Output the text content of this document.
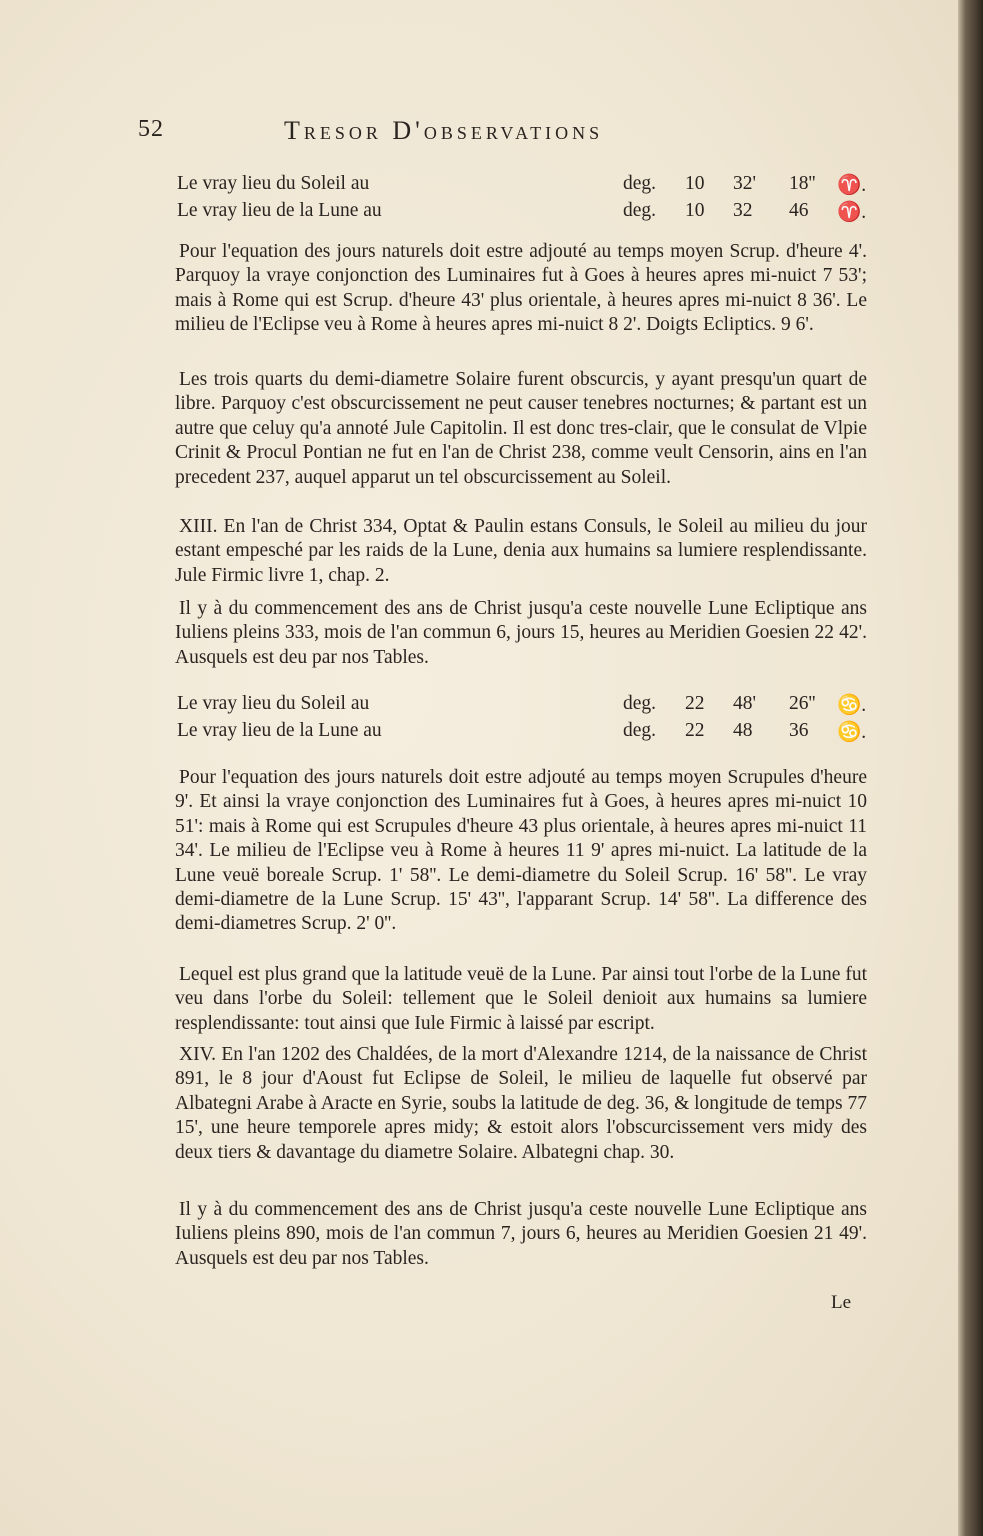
52	Tresor D'observations
Le vray lieu du Soleil au	deg. 10 32' 18'' ♈.
Le vray lieu de la Lune au	deg. 10 32 46 ♈.

Pour l'equation des jours naturels doit estre adjouté au temps moyen Scrup. d'heure 4'. Parquoy la vraye conjonction des Luminaires fut à Goes à heures apres mi-nuict 7 53'; mais à Rome qui est Scrup. d'heure 43' plus orientale, à heures apres mi-nuict 8 36'. Le milieu de l'Eclipse veu à Rome à heures apres mi-nuict 8 2'. Doigts Ecliptics. 9 6'.

Les trois quarts du demi-diametre Solaire furent obscurcis, y ayant presqu'un quart de libre. Parquoy c'est obscurcissement ne peut causer tenebres nocturnes; & partant est un autre que celuy qu'a annoté Jule Capitolin. Il est donc tres-clair, que le consulat de Vlpie Crinit & Procul Pontian ne fut en l'an de Christ 238, comme veult Censorin, ains en l'an precedent 237, auquel apparut un tel obscurcissement au Soleil.

XIII. En l'an de Christ 334, Optat & Paulin estans Consuls, le Soleil au milieu du jour estant empesché par les raids de la Lune, denia aux humains sa lumiere resplendissante. Jule Firmic livre 1, chap. 2.

Il y à du commencement des ans de Christ jusqu'a ceste nouvelle Lune Ecliptique ans Iuliens pleins 333, mois de l'an commun 6, jours 15, heures au Meridien Goesien 22 42'. Ausquels est deu par nos Tables.

Le vray lieu du Soleil au	deg. 22 48' 26'' ♋.
Le vray lieu de la Lune au	deg. 22 48 36 ♋.

Pour l'equation des jours naturels doit estre adjouté au temps moyen Scrupules d'heure 9'. Et ainsi la vraye conjonction des Luminaires fut à Goes, à heures apres mi-nuict 10 51': mais à Rome qui est Scrupules d'heure 43 plus orientale, à heures apres mi-nuict 11 34'. Le milieu de l'Eclipse veu à Rome à heures 11 9' apres mi-nuict. La latitude de la Lune veuë boreale Scrup. 1' 58''. Le demi-diametre du Soleil Scrup. 16' 58''. Le vray demi-diametre de la Lune Scrup. 15' 43'', l'apparant Scrup. 14' 58''. La difference des demi-diametres Scrup. 2' 0''.

Lequel est plus grand que la latitude veuë de la Lune. Par ainsi tout l'orbe de la Lune fut veu dans l'orbe du Soleil: tellement que le Soleil denioit aux humains sa lumiere resplendissante: tout ainsi que Iule Firmic à laissé par escript.

XIV. En l'an 1202 des Chaldées, de la mort d'Alexandre 1214, de la naissance de Christ 891, le 8 jour d'Aoust fut Eclipse de Soleil, le milieu de laquelle fut observé par Albategni Arabe à Aracte en Syrie, soubs la latitude de deg. 36, & longitude de temps 77 15', une heure temporele apres midy; & estoit alors l'obscurcissement vers midy des deux tiers & davantage du diametre Solaire. Albategni chap. 30.

Il y à du commencement des ans de Christ jusqu'a ceste nouvelle Lune Ecliptique ans Iuliens pleins 890, mois de l'an commun 7, jours 6, heures au Meridien Goesien 21 49'. Ausquels est deu par nos Tables.

Le
